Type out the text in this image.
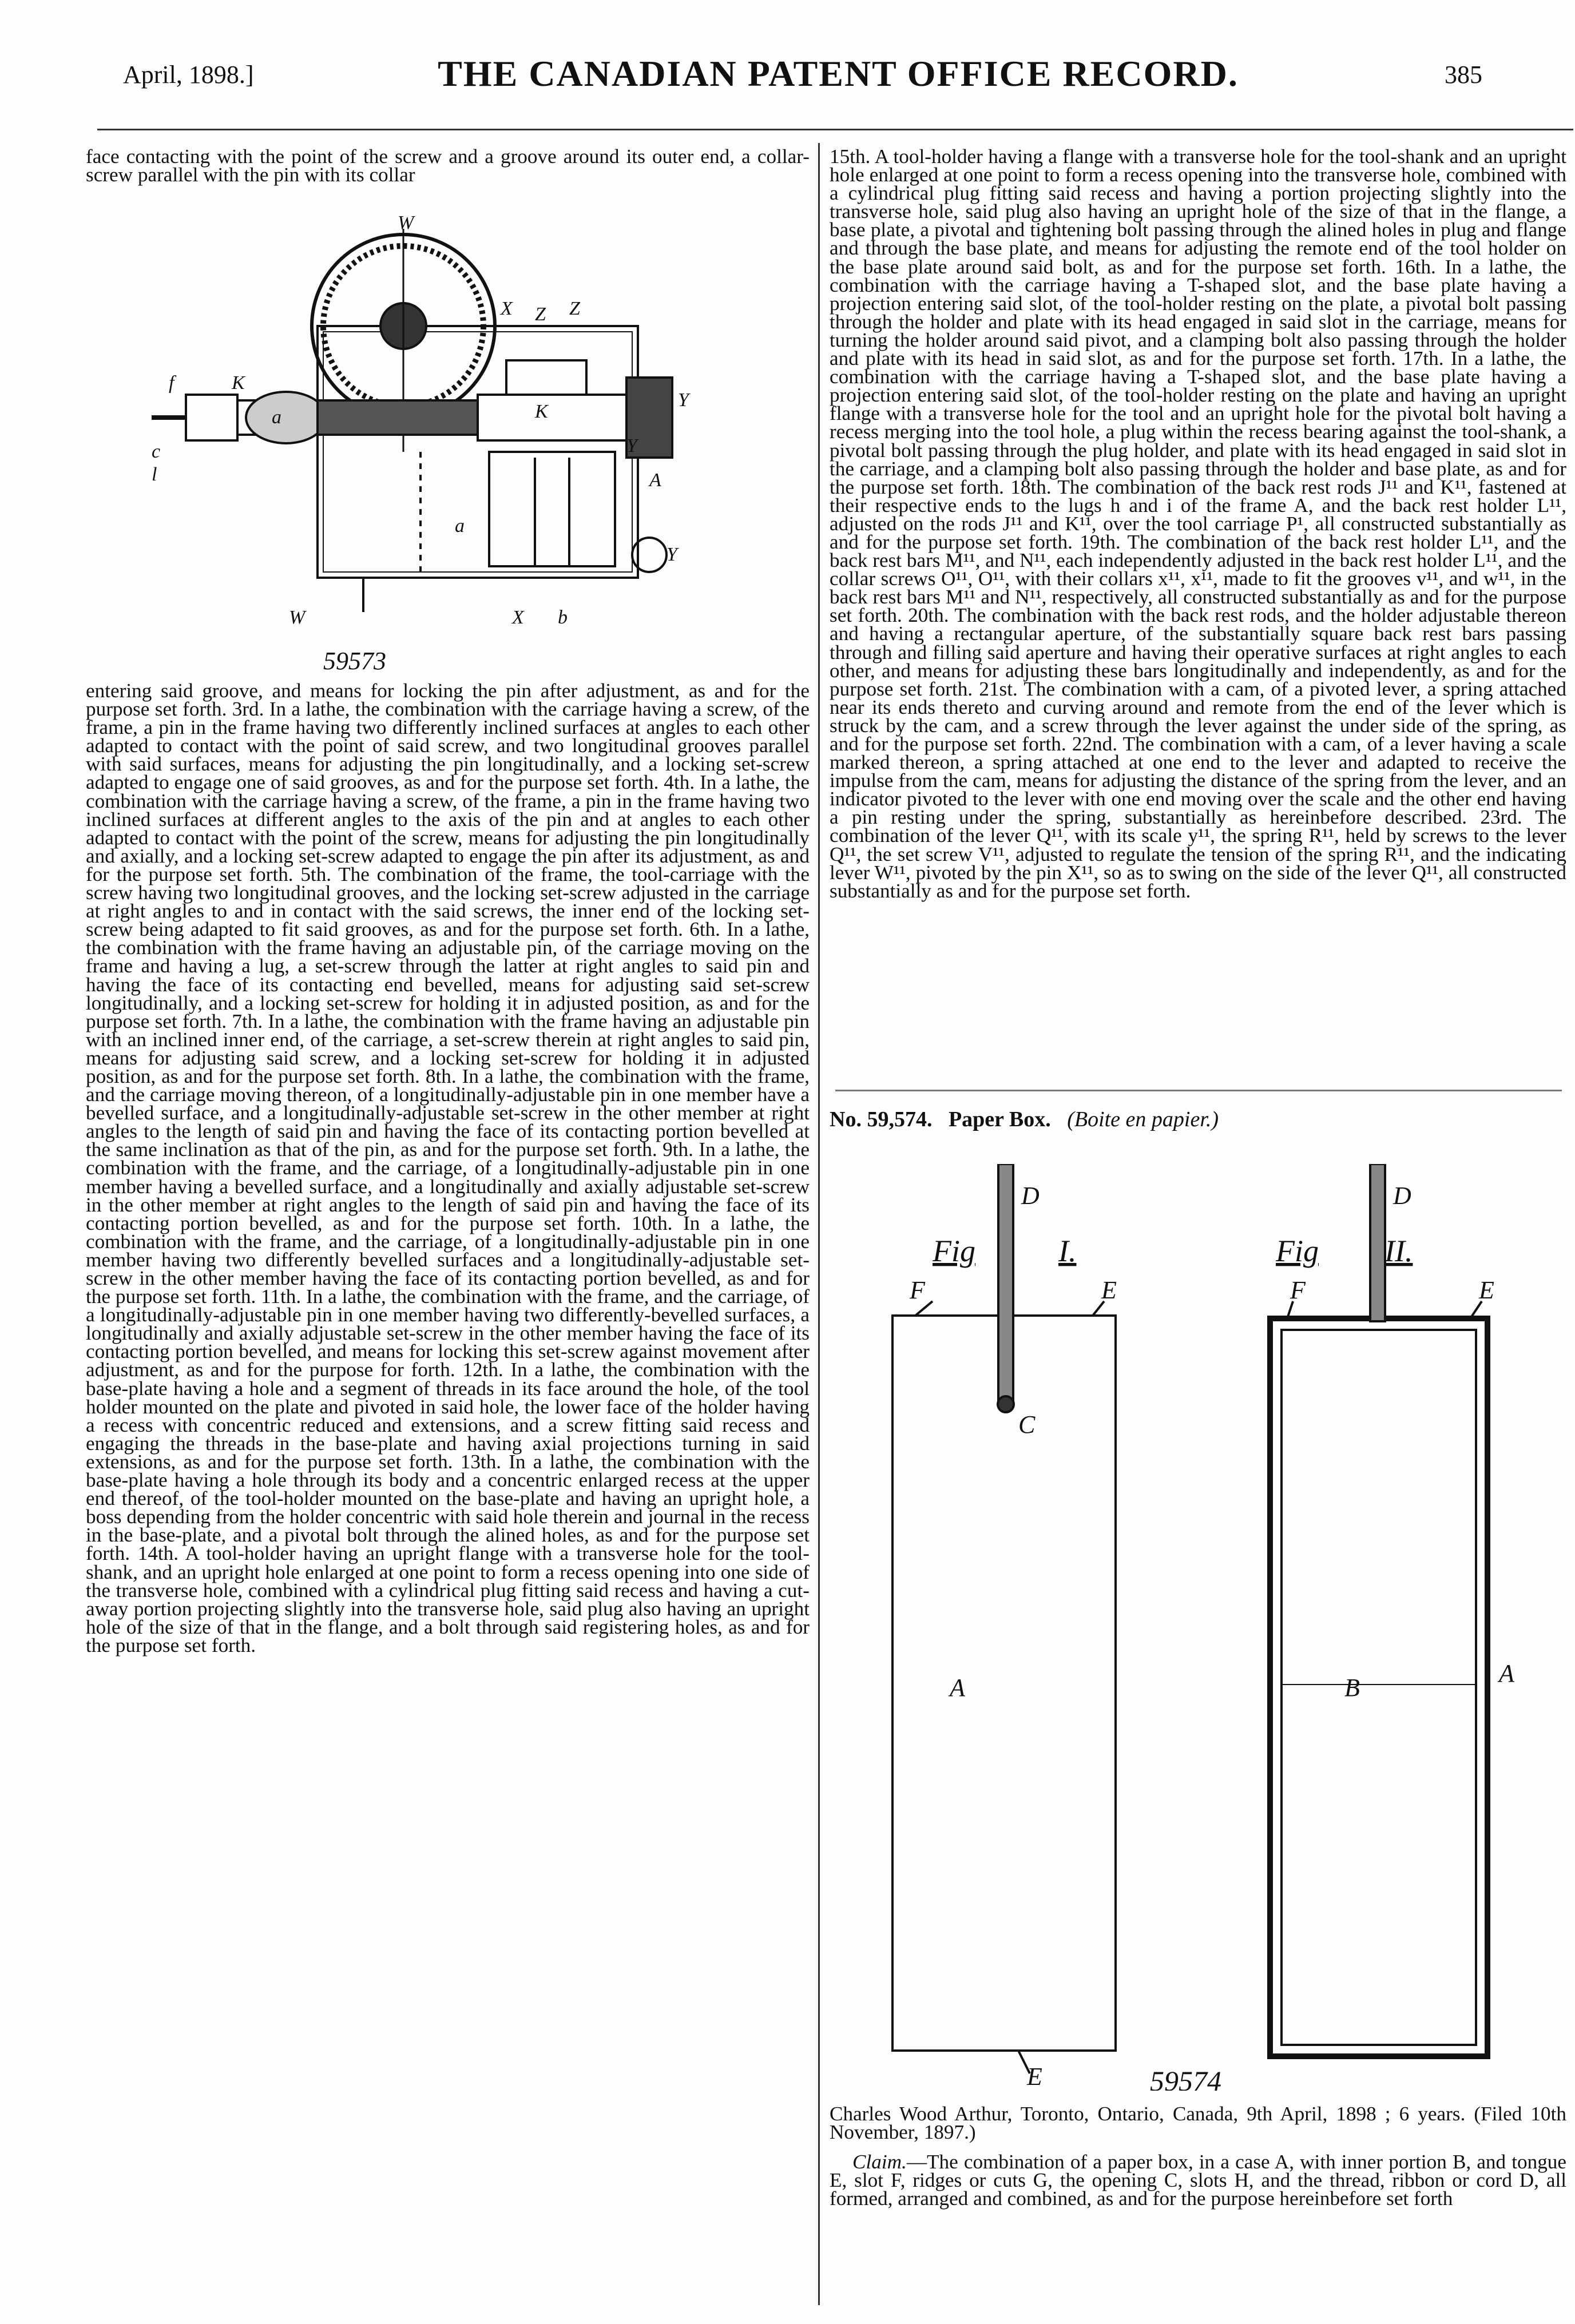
April, 1898.]	THE CANADIAN PATENT OFFICE RECORD.	385

face contacting with the point of the screw and a groove around its outer end, a collar-screw parallel with the pin with its collar

W
X Z Z
Y
Y
a
c
f
l
K
K
A
W
Y
X b
a
59573

entering said groove, and means for locking the pin after adjustment, as and for the purpose set forth. 3rd. In a lathe, the combination with the carriage having a screw, of the frame, a pin in the frame having two differently inclined surfaces at angles to each other adapted to contact with the point of said screw, and two longitudinal grooves parallel with said surfaces, means for adjusting the pin longitudinally, and a locking set-screw adapted to engage one of said grooves, as and for the purpose set forth. 4th. In a lathe, the combination with the carriage having a screw, of the frame, a pin in the frame having two inclined surfaces at different angles to the axis of the pin and at angles to each other adapted to contact with the point of the screw, means for adjusting the pin longitudinally and axially, and a locking set-screw adapted to engage the pin after its adjustment, as and for the purpose set forth. 5th. The combination of the frame, the tool-carriage with the screw having two longitudinal grooves, and the locking set-screw adjusted in the carriage at right angles to and in contact with the said screws, the inner end of the locking set-screw being adapted to fit said grooves, as and for the purpose set forth. 6th. In a lathe, the combination with the frame having an adjustable pin, of the carriage moving on the frame and having a lug, a set-screw through the latter at right angles to said pin and having the face of its contacting end bevelled, means for adjusting said set-screw longitudinally, and a locking set-screw for holding it in adjusted position, as and for the purpose set forth. 7th. In a lathe, the combination with the frame having an adjustable pin with an inclined inner end, of the carriage, a set-screw therein at right angles to said pin, means for adjusting said screw, and a locking set-screw for holding it in adjusted position, as and for the purpose set forth. 8th. In a lathe, the combination with the frame, and the carriage moving thereon, of a longitudinally-adjustable pin in one member have a bevelled surface, and a longitudinally-adjustable set-screw in the other member at right angles to the length of said pin and having the face of its contacting portion bevelled at the same inclination as that of the pin, as and for the purpose set forth. 9th. In a lathe, the combination with the frame, and the carriage, of a longitudinally-adjustable pin in one member having a bevelled surface, and a longitudinally and axially adjustable set-screw in the other member at right angles to the length of said pin and having the face of its contacting portion bevelled, as and for the purpose set forth. 10th. In a lathe, the combination with the frame, and the carriage, of a longitudinally-adjustable pin in one member having two differently bevelled surfaces and a longitudinally-adjustable set-screw in the other member having the face of its contacting portion bevelled, as and for the purpose set forth. 11th. In a lathe, the combination with the frame, and the carriage, of a longitudinally-adjustable pin in one member having two differently-bevelled surfaces, a longitudinally and axially adjustable set-screw in the other member having the face of its contacting portion bevelled, and means for locking this set-screw against movement after adjustment, as and for the purpose for forth. 12th. In a lathe, the combination with the base-plate having a hole and a segment of threads in its face around the hole, of the tool holder mounted on the plate and pivoted in said hole, the lower face of the holder having a recess with concentric reduced and extensions, and a screw fitting said recess and engaging the threads in the base-plate and having axial projections turning in said extensions, as and for the purpose set forth. 13th. In a lathe, the combination with the base-plate having a hole through its body and a concentric enlarged recess at the upper end thereof, of the tool-holder mounted on the base-plate and having an upright hole, a boss depending from the holder concentric with said hole therein and journal in the recess in the base-plate, and a pivotal bolt through the alined holes, as and for the purpose set forth. 14th. A tool-holder having an upright flange with a transverse hole for the tool-shank, and an upright hole enlarged at one point to form a recess opening into one side of the transverse hole, combined with a cylindrical plug fitting said recess and having a cut-away portion projecting slightly into the transverse hole, said plug also having an upright hole of the size of that in the flange, and a bolt through said registering holes, as and for the purpose set forth.

15th. A tool-holder having a flange with a transverse hole for the tool-shank and an upright hole enlarged at one point to form a recess opening into the transverse hole, combined with a cylindrical plug fitting said recess and having a portion projecting slightly into the transverse hole, said plug also having an upright hole of the size of that in the flange, a base plate, a pivotal and tightening bolt passing through the alined holes in plug and flange and through the base plate, and means for adjusting the remote end of the tool holder on the base plate around said bolt, as and for the purpose set forth. 16th. In a lathe, the combination with the carriage having a T-shaped slot, and the base plate having a projection entering said slot, of the tool-holder resting on the plate, a pivotal bolt passing through the holder and plate with its head engaged in said slot in the carriage, means for turning the holder around said pivot, and a clamping bolt also passing through the holder and plate with its head in said slot, as and for the purpose set forth. 17th. In a lathe, the combination with the carriage having a T-shaped slot, and the base plate having a projection entering said slot, of the tool-holder resting on the plate and having an upright flange with a transverse hole for the tool and an upright hole for the pivotal bolt having a recess merging into the tool hole, a plug within the recess bearing against the tool-shank, a pivotal bolt passing through the plug holder, and plate with its head engaged in said slot in the carriage, and a clamping bolt also passing through the holder and base plate, as and for the purpose set forth. 18th. The combination of the back rest rods J¹¹ and K¹¹, fastened at their respective ends to the lugs h and i of the frame A, and the back rest holder L¹¹, adjusted on the rods J¹¹ and K¹¹, over the tool carriage P¹, all constructed substantially as and for the purpose set forth. 19th. The combination of the back rest holder L¹¹, and the back rest bars M¹¹, and N¹¹, each independently adjusted in the back rest holder L¹¹, and the collar screws O¹¹, O¹¹, with their collars x¹¹, x¹¹, made to fit the grooves v¹¹, and w¹¹, in the back rest bars M¹¹ and N¹¹, respectively, all constructed substantially as and for the purpose set forth. 20th. The combination with the back rest rods, and the holder adjustable thereon and having a rectangular aperture, of the substantially square back rest bars passing through and filling said aperture and having their operative surfaces at right angles to each other, and means for adjusting these bars longitudinally and independently, as and for the purpose set forth. 21st. The combination with a cam, of a pivoted lever, a spring attached near its ends thereto and curving around and remote from the end of the lever which is struck by the cam, and a screw through the lever against the under side of the spring, as and for the purpose set forth. 22nd. The combination with a cam, of a lever having a scale marked thereon, a spring attached at one end to the lever and adapted to receive the impulse from the cam, means for adjusting the distance of the spring from the lever, and an indicator pivoted to the lever with one end moving over the scale and the other end having a pin resting under the spring, substantially as hereinbefore described. 23rd. The combination of the lever Q¹¹, with its scale y¹¹, the spring R¹¹, held by screws to the lever Q¹¹, the set screw V¹¹, adjusted to regulate the tension of the spring R¹¹, and the indicating lever W¹¹, pivoted by the pin X¹¹, so as to swing on the side of the lever Q¹¹, all constructed substantially as and for the purpose set forth.

No. 59,574. Paper Box. (Boite en papier.)
D
F	E
C
A
E
D
F	E
B
A
Fig	I.	Fig II.
59574

Charles Wood Arthur, Toronto, Ontario, Canada, 9th April, 1898 ; 6 years. (Filed 10th November, 1897.)

Claim.—The combination of a paper box, in a case A, with inner portion B, and tongue E, slot F, ridges or cuts G, the opening C, slots H, and the thread, ribbon or cord D, all formed, arranged and combined, as and for the purpose hereinbefore set forth
